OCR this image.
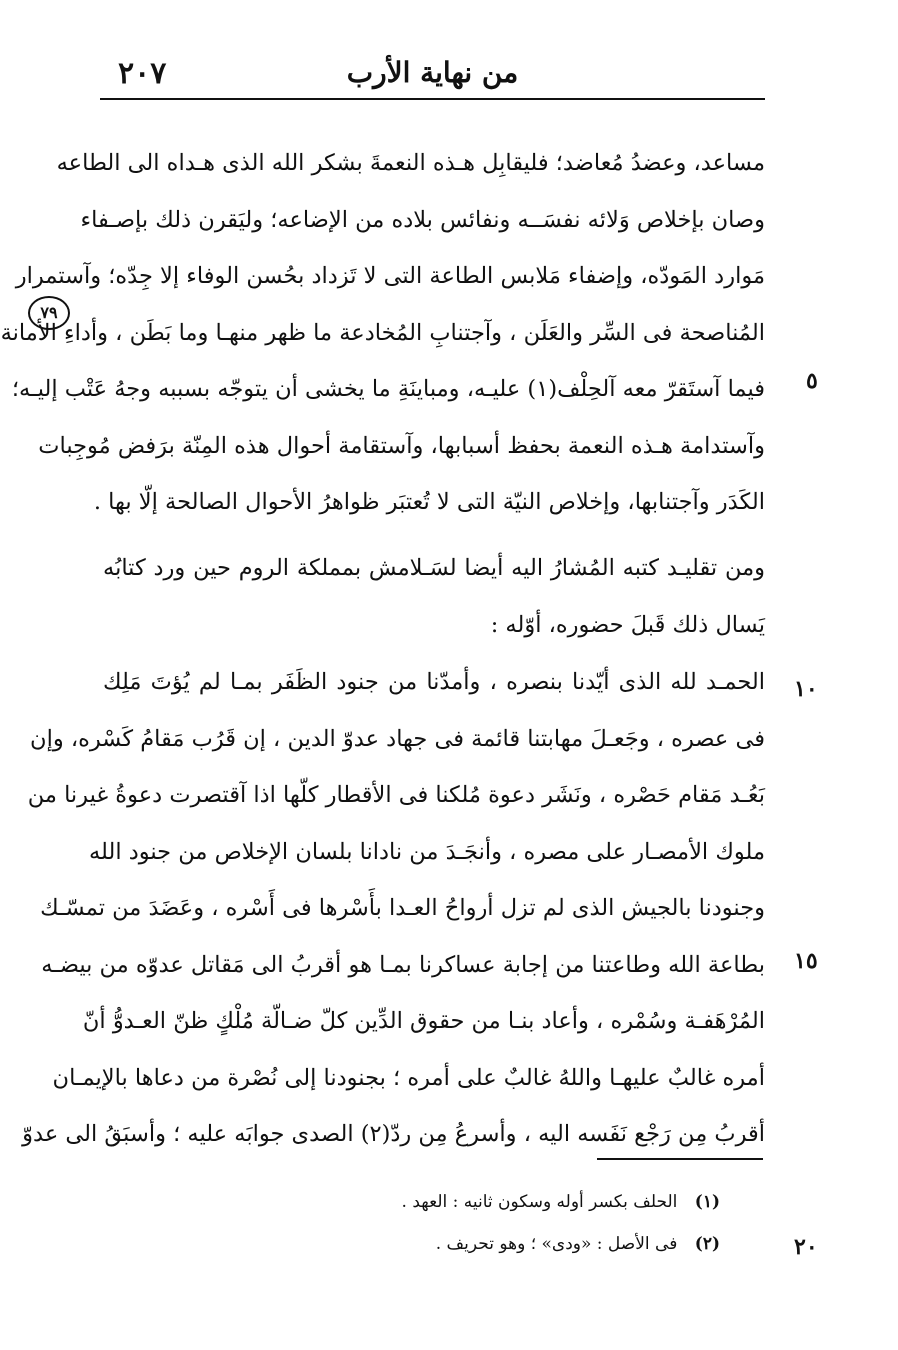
٢٠٧	من نهاية الأرب
٧٩
٥
١٠
١٥
٢٠
مساعد، وعضدُ مُعاضد؛ فليقابِل هـذه النعمةَ بشكر الله الذى هـداه الى الطاعه
وصان بإخلاص وَلائه نفسَــه ونفائس بلاده من الإضاعه؛ وليَقرن ذلك بإصـفاء
مَوارد المَودّه، وإضفاء مَلابس الطاعة التى لا تَزداد بحُسن الوفاء إلا جِدّه؛ وآستمرار
المُناصحة فى السِّر والعَلَن ، وآجتنابِ المُخادعة ما ظهر منهـا وما بَطَن ، وأداءِ الأمانة
فيما آستَقرّ معه آلحِلْف(١) عليـه، ومباينَةِ ما يخشى أن يتوجّه بسببه وجهُ عَتْب إليـه؛
وآستدامة هـذه النعمة بحفظ أسبابها، وآستقامة أحوال هذه المِنّة برَفض مُوجِبات
الكَدَر وآجتنابها، وإخلاص النيّة التى لا تُعتبَر ظواهرُ الأحوال الصالحة إلّا بها .
ومن تقليـد كتبه المُشارُ اليه أيضا لسَـلامش بمملكة الروم حين ورد كتابُه
يَسال ذلك قَبلَ حضوره، أوّله :
الحمـد لله الذى أيّدنا بنصره ، وأمدّنا من جنود الظَفَر بمـا لم يُؤتَ مَلِك
فى عصره ، وجَعـلَ مهابتنا قائمة فى جهاد عدوّ الدين ، إن قَرُب مَقامُ كَسْره، وإن
بَعُـد مَقام حَصْره ، ونَشَر دعوة مُلكنا فى الأقطار كلّها اذا آقتصرت دعوةُ غيرنا من
ملوك الأمصـار على مصره ، وأنجَـدَ من نادانا بلسان الإخلاص من جنود الله
وجنودنا بالجيش الذى لم تزل أرواحُ العـدا بأَسْرها فى أَسْره ، وعَضَدَ من تمسّـك
بطاعة الله وطاعتنا من إجابة عساكرنا بمـا هو أقربُ الى مَقاتل عدوّه من بيضـه
المُرْهَفـة وسُمْره ، وأعاد بنـا من حقوق الدِّين كلّ ضـالّة مُلْكٍ ظنّ العـدوُّ أنّ
أمره غالبٌ عليهـا واللهُ غالبٌ على أمره ؛ بجنودنا إلى نُصْرة من دعاها بالإيمـان
أقربُ مِن رَجْع نَفَسه اليه ، وأسرعُ مِن ردّ(٢) الصدى جوابَه عليه ؛ وأسبَقُ الى عدوّ
(١) الحلف بكسر أوله وسكون ثانيه : العهد .
(٢) فى الأصل : «ودى» ؛ وهو تحريف .
